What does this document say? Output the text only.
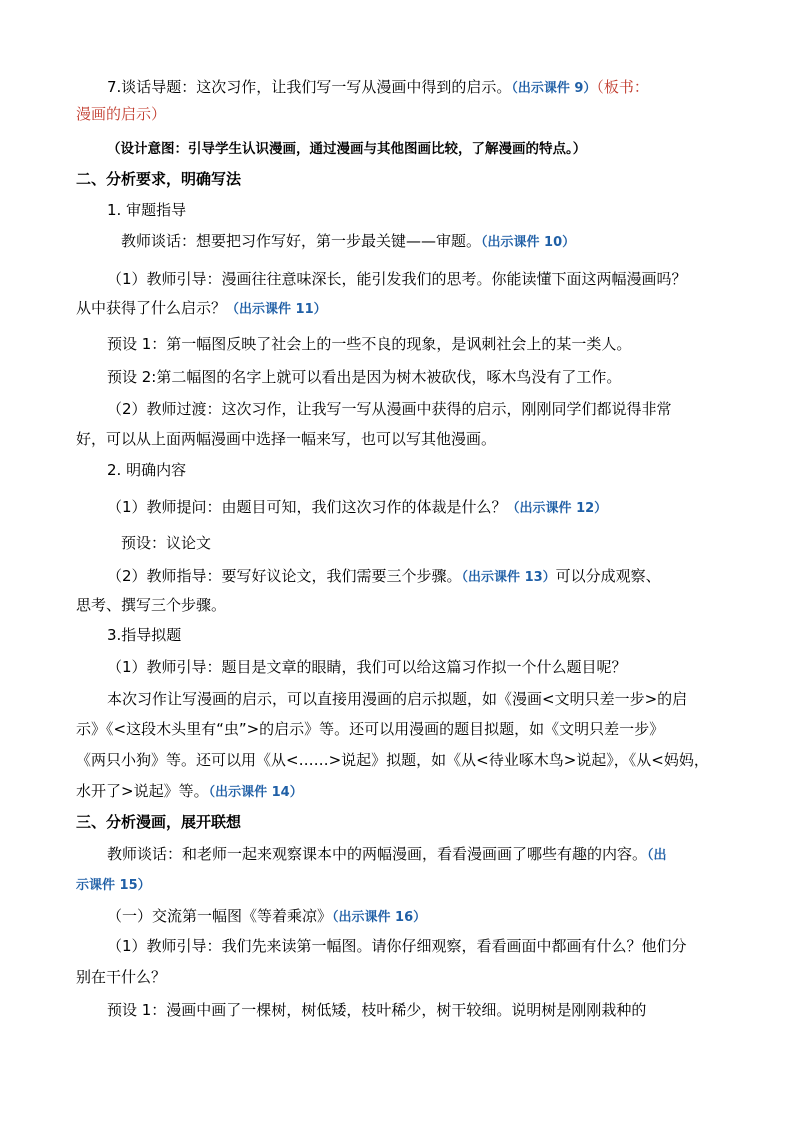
7.谈话导题：这次习作，让我们写一写从漫画中得到的启示。（出示课件 9）（板书：
漫画的启示）
（设计意图：引导学生认识漫画，通过漫画与其他图画比较，了解漫画的特点。）
二、分析要求，明确写法
1. 审题指导
教师谈话：想要把习作写好，第一步最关键——审题。（出示课件 10）
（1）教师引导：漫画往往意味深长，能引发我们的思考。你能读懂下面这两幅漫画吗？
从中获得了什么启示？（出示课件 11）
预设 1：第一幅图反映了社会上的一些不良的现象，是讽刺社会上的某一类人。
预设 2:第二幅图的名字上就可以看出是因为树木被砍伐，啄木鸟没有了工作。
（2）教师过渡：这次习作，让我写一写从漫画中获得的启示，刚刚同学们都说得非常
好，可以从上面两幅漫画中选择一幅来写，也可以写其他漫画。
2. 明确内容
（1）教师提问：由题目可知，我们这次习作的体裁是什么？（出示课件 12）
预设：议论文
（2）教师指导：要写好议论文，我们需要三个步骤。（出示课件 13）可以分成观察、
思考、撰写三个步骤。
3.指导拟题
（1）教师引导：题目是文章的眼睛，我们可以给这篇习作拟一个什么题目呢？
本次习作让写漫画的启示，可以直接用漫画的启示拟题，如《漫画<文明只差一步>的启
示》《<这段木头里有“虫”>的启示》等。还可以用漫画的题目拟题，如《文明只差一步》
《两只小狗》等。还可以用《从<……>说起》拟题，如《从<待业啄木鸟>说起》，《从<妈妈，
水开了>说起》等。（出示课件 14）
三、分析漫画，展开联想
教师谈话：和老师一起来观察课本中的两幅漫画，看看漫画画了哪些有趣的内容。（出
示课件 15）
（一）交流第一幅图《等着乘凉》（出示课件 16）
（1）教师引导：我们先来读第一幅图。请你仔细观察，看看画面中都画有什么？他们分
别在干什么？
预设 1：漫画中画了一棵树，树低矮，枝叶稀少，树干较细。说明树是刚刚栽种的
